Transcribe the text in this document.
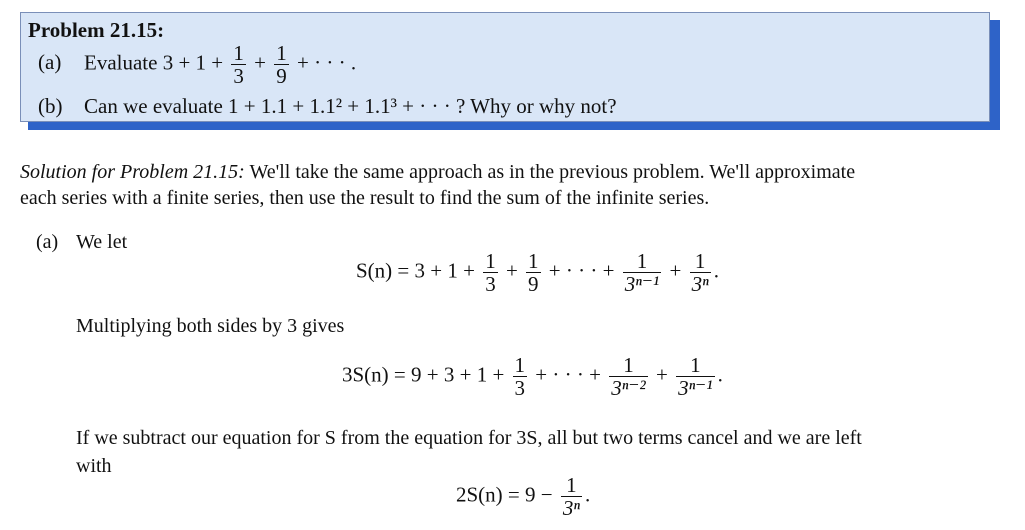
Problem 21.15:
(a) Evaluate $3 + 1 + \frac{1}{3} + \frac{1}{9}$ + · · · .
(b) Can we evaluate 1 + 1.1 + 1.1² + 1.1³ + · · · ? Why or why not?
Solution for Problem 21.15: We'll take the same approach as in the previous problem. We'll approximate
each series with a finite series, then use the result to find the sum of the infinite series.
(a) We let
$S(n) = 3 + 1 + \frac{1}{3} + \frac{1}{9}$ + · · · + $\frac{1}{\text{3ⁿ⁻¹}} + \frac{1}{\text{3ⁿ}}$ .
Multiplying both sides by 3 gives
$3S(n) = 9 + 3 + 1 + \frac{1}{3}$ + · · · + $\frac{1}{\text{3ⁿ⁻²}} + \frac{1}{\text{3ⁿ⁻¹}}$ .
If we subtract our equation for S from the equation for 3S, all but two terms cancel and we are left
with
$2S(n) = 9 - \frac{1}{\text{3ⁿ}}$ .
